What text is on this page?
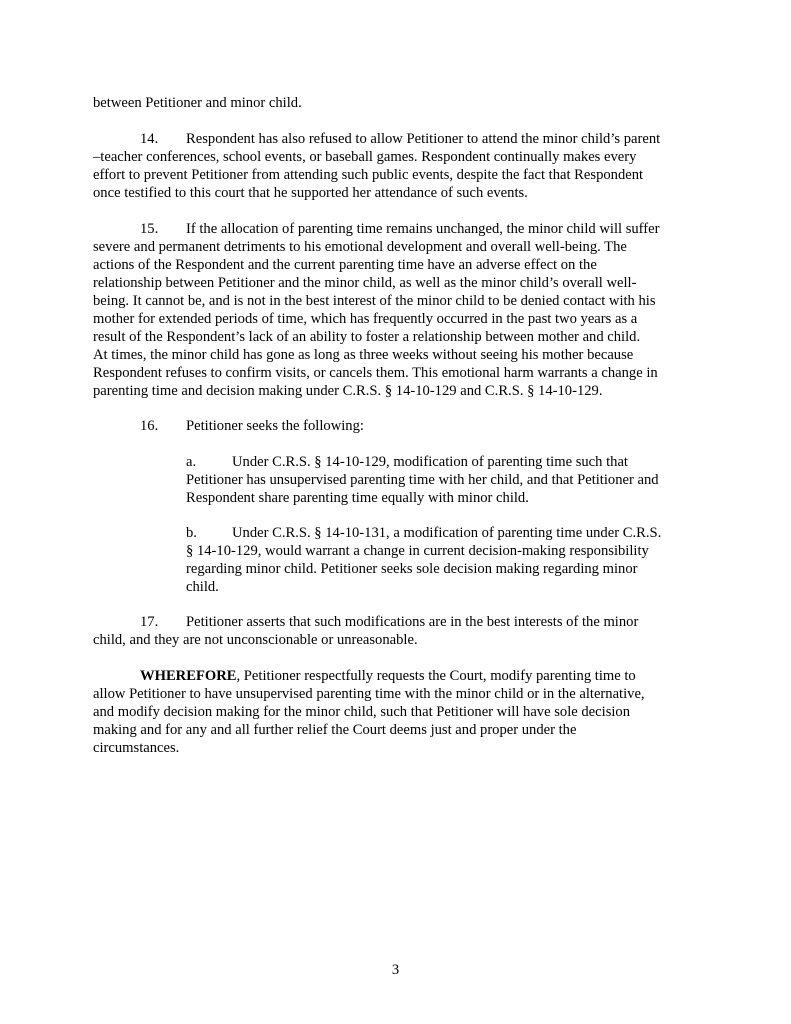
between Petitioner and minor child.
14. Respondent has also refused to allow Petitioner to attend the minor child’s parent
–teacher conferences, school events, or baseball games. Respondent continually makes every
effort to prevent Petitioner from attending such public events, despite the fact that Respondent
once testified to this court that he supported her attendance of such events.
15. If the allocation of parenting time remains unchanged, the minor child will suffer
severe and permanent detriments to his emotional development and overall well-being. The
actions of the Respondent and the current parenting time have an adverse effect on the
relationship between Petitioner and the minor child, as well as the minor child’s overall well-
being. It cannot be, and is not in the best interest of the minor child to be denied contact with his
mother for extended periods of time, which has frequently occurred in the past two years as a
result of the Respondent’s lack of an ability to foster a relationship between mother and child.
At times, the minor child has gone as long as three weeks without seeing his mother because
Respondent refuses to confirm visits, or cancels them. This emotional harm warrants a change in
parenting time and decision making under C.R.S. § 14-10-129 and C.R.S. § 14-10-129.
16. Petitioner seeks the following:
a. Under C.R.S. § 14-10-129, modification of parenting time such that
Petitioner has unsupervised parenting time with her child, and that Petitioner and
Respondent share parenting time equally with minor child.
b. Under C.R.S. § 14-10-131, a modification of parenting time under C.R.S.
§ 14-10-129, would warrant a change in current decision-making responsibility
regarding minor child. Petitioner seeks sole decision making regarding minor
child.
17. Petitioner asserts that such modifications are in the best interests of the minor
child, and they are not unconscionable or unreasonable.
WHEREFORE, Petitioner respectfully requests the Court, modify parenting time to
allow Petitioner to have unsupervised parenting time with the minor child or in the alternative,
and modify decision making for the minor child, such that Petitioner will have sole decision
making and for any and all further relief the Court deems just and proper under the
circumstances.
3
